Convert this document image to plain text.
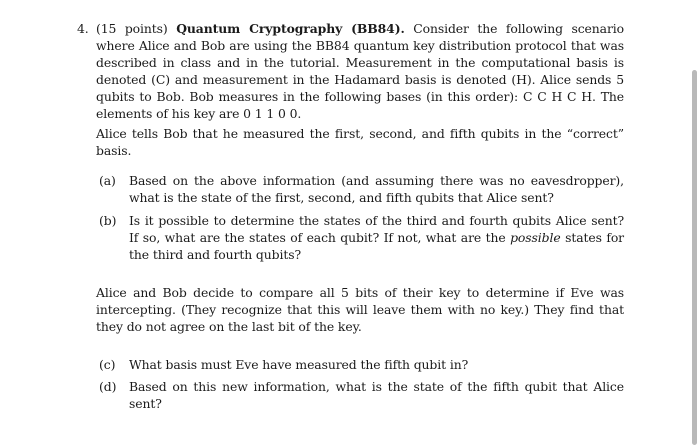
4. (15 points) Quantum Cryptography (BB84). Consider the following scenario where Alice and Bob are using the BB84 quantum key distribution protocol that was described in class and in the tutorial. Measurement in the computational basis is denoted (C) and measurement in the Hadamard basis is denoted (H). Alice sends 5 qubits to Bob. Bob measures in the following bases (in this order): C C H C H. The elements of his key are 0 1 1 0 0.

Alice tells Bob that he measured the first, second, and fifth qubits in the “correct” basis.

(a) Based on the above information (and assuming there was no eavesdropper), what is the state of the first, second, and fifth qubits that Alice sent?
(b) Is it possible to determine the states of the third and fourth qubits Alice sent? If so, what are the states of each qubit? If not, what are the possible states for the third and fourth qubits?

Alice and Bob decide to compare all 5 bits of their key to determine if Eve was intercepting. (They recognize that this will leave them with no key.) They find that they do not agree on the last bit of the key.

(c) What basis must Eve have measured the fifth qubit in?
(d) Based on this new information, what is the state of the fifth qubit that Alice sent?
